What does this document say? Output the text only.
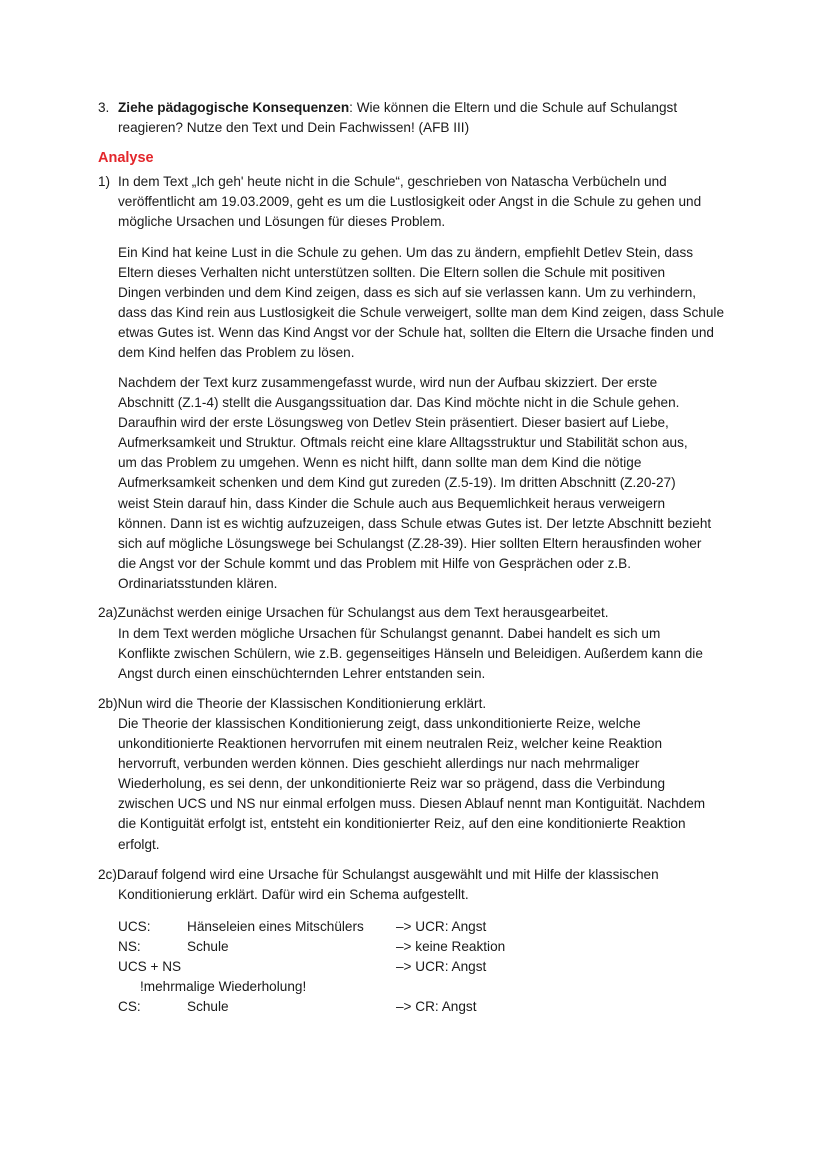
3. Ziehe pädagogische Konsequenzen: Wie können die Eltern und die Schule auf Schulangst
reagieren? Nutze den Text und Dein Fachwissen! (AFB III)
Analyse
1) In dem Text „Ich geh' heute nicht in die Schule“, geschrieben von Natascha Verbücheln und
veröffentlicht am 19.03.2009, geht es um die Lustlosigkeit oder Angst in die Schule zu gehen und
mögliche Ursachen und Lösungen für dieses Problem.
Ein Kind hat keine Lust in die Schule zu gehen. Um das zu ändern, empfiehlt Detlev Stein, dass
Eltern dieses Verhalten nicht unterstützen sollten. Die Eltern sollen die Schule mit positiven
Dingen verbinden und dem Kind zeigen, dass es sich auf sie verlassen kann. Um zu verhindern,
dass das Kind rein aus Lustlosigkeit die Schule verweigert, sollte man dem Kind zeigen, dass Schule
etwas Gutes ist. Wenn das Kind Angst vor der Schule hat, sollten die Eltern die Ursache finden und
dem Kind helfen das Problem zu lösen.
Nachdem der Text kurz zusammengefasst wurde, wird nun der Aufbau skizziert. Der erste
Abschnitt (Z.1-4) stellt die Ausgangssituation dar. Das Kind möchte nicht in die Schule gehen.
Daraufhin wird der erste Lösungsweg von Detlev Stein präsentiert. Dieser basiert auf Liebe,
Aufmerksamkeit und Struktur. Oftmals reicht eine klare Alltagsstruktur und Stabilität schon aus,
um das Problem zu umgehen. Wenn es nicht hilft, dann sollte man dem Kind die nötige
Aufmerksamkeit schenken und dem Kind gut zureden (Z.5-19). Im dritten Abschnitt (Z.20-27)
weist Stein darauf hin, dass Kinder die Schule auch aus Bequemlichkeit heraus verweigern
können. Dann ist es wichtig aufzuzeigen, dass Schule etwas Gutes ist. Der letzte Abschnitt bezieht
sich auf mögliche Lösungswege bei Schulangst (Z.28-39). Hier sollten Eltern herausfinden woher
die Angst vor der Schule kommt und das Problem mit Hilfe von Gesprächen oder z.B.
Ordinariatsstunden klären.
2a)Zunächst werden einige Ursachen für Schulangst aus dem Text herausgearbeitet.
In dem Text werden mögliche Ursachen für Schulangst genannt. Dabei handelt es sich um
Konflikte zwischen Schülern, wie z.B. gegenseitiges Hänseln und Beleidigen. Außerdem kann die
Angst durch einen einschüchternden Lehrer entstanden sein.
2b)Nun wird die Theorie der Klassischen Konditionierung erklärt.
Die Theorie der klassischen Konditionierung zeigt, dass unkonditionierte Reize, welche
unkonditionierte Reaktionen hervorrufen mit einem neutralen Reiz, welcher keine Reaktion
hervorruft, verbunden werden können. Dies geschieht allerdings nur nach mehrmaliger
Wiederholung, es sei denn, der unkonditionierte Reiz war so prägend, dass die Verbindung
zwischen UCS und NS nur einmal erfolgen muss. Diesen Ablauf nennt man Kontiguität. Nachdem
die Kontiguität erfolgt ist, entsteht ein konditionierter Reiz, auf den eine konditionierte Reaktion
erfolgt.
2c)Darauf folgend wird eine Ursache für Schulangst ausgewählt und mit Hilfe der klassischen
Konditionierung erklärt. Dafür wird ein Schema aufgestellt.
UCS:	Hänseleien eines Mitschülers –> UCR: Angst
NS:	Schule	–> keine Reaktion
UCS + NS	–> UCR: Angst
!mehrmalige Wiederholung!
CS:	Schule	–> CR: Angst
